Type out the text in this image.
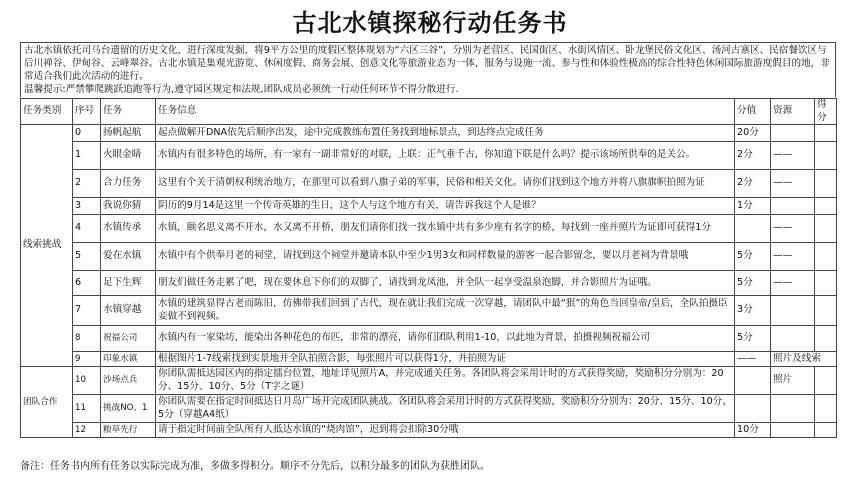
古北水镇探秘行动任务书

古北水镇依托司马台遗留的历史文化，进行深度发掘，将9平方公里的度假区整体规划为“六区三谷”，分别为老营区、民国街区、水街风情区、卧龙堡民俗文化区、汤河古寨区、民宿餐饮区与后川禅谷、伊甸谷、云峰翠谷。古北水镇是集观光游览、休闲度假、商务会展、创意文化等旅游业态为一体，服务与设施一流、参与性和体验性极高的综合性特色休闲国际旅游度假目的地，非常适合我们此次活动的进行。

温馨提示:严禁攀爬跳跃追跑等行为,遵守园区规定和法规,团队成员必须统一行动任何环节不得分散进行.

任务类别	序号	任务	任务信息	分值	资源	得分
线索挑战	0	扬帆起航	起点做解开DNA依先后顺序出发，途中完成教练布置任务找到地标景点，到达终点完成任务	20分		
	1	火眼金睛	水镇内有很多特色的场所，有一家有一副非常好的对联，上联：正气垂千古，你知道下联是什么吗？提示该场所供奉的是关公。	2分	——	
	2	合力任务	这里有个关于清朝权利统治地方，在那里可以看到八旗子弟的军事，民俗和相关文化。请你们找到这个地方并将八旗旗帜拍照为证	2分	——	
	3	我说你猜	阴历的9月14是这里一个传奇英雄的生日，这个人与这个地方有关，请告诉我这个人是谁？	1分		
	4	水镇传承	水镇，颐名思义离不开水，水又离不开桥，朋友们请你们找一找水镇中共有多少座有名字的桥，每找到一座并照片为证即可获得1分		——	
	5	爱在水镇	水镇中有个供奉月老的祠堂，请找到这个祠堂并邀请本队中至少1男3女和同样数量的游客一起合影留念，要以月老祠为背景哦	5分	——	
	6	足下生辉	朋友们做任务走累了吧，现在要休息下你们的双脚了，请找到龙凤池，并全队一起享受温泉泡脚，并合影照片为证哦。	5分	——	
	7	水镇穿越	水镇的建筑显得古老而陈旧，仿佛带我们回到了古代，现在就让我们完成一次穿越，请团队中最“狠”的角色当回皇帝/皇后，全队拍摄臣妾做不到视频。	3分		
	8	祝福公司	水镇内有一家染坊，能染出各种花色的布匹，非常的漂亮，请你们团队利用1-10，以此地为背景，拍摄视频祝福公司	5分		
	9	印象水镇	根据图片1-7线索找到实景地并全队拍照合影，每张照片可以获得1分，并拍照为证	——	照片及线索	
团队合作	10	沙场点兵	你团队需抵达园区内的指定擂台位置，地址详见照片A，并完成通关任务。各团队将会采用计时的方式获得奖励，奖励积分分别为：20分、15分、10分、5分（T字之谜）		照片	
	11	挑战NO、1	你团队需要在指定时间抵达日月岛广场开完成团队挑战。各团队将会采用计时的方式获得奖励，奖励积分分别为：20分、15分、10分、5分（穿越A4纸）			
	12	粮草先行	请于指定时间前全队所有人抵达水镇的“烧肉馆”，迟到将会扣除30分哦	10分		
备注：任务书内所有任务以实际完成为准，多做多得积分。顺序不分先后，以积分最多的团队为获胜团队。
